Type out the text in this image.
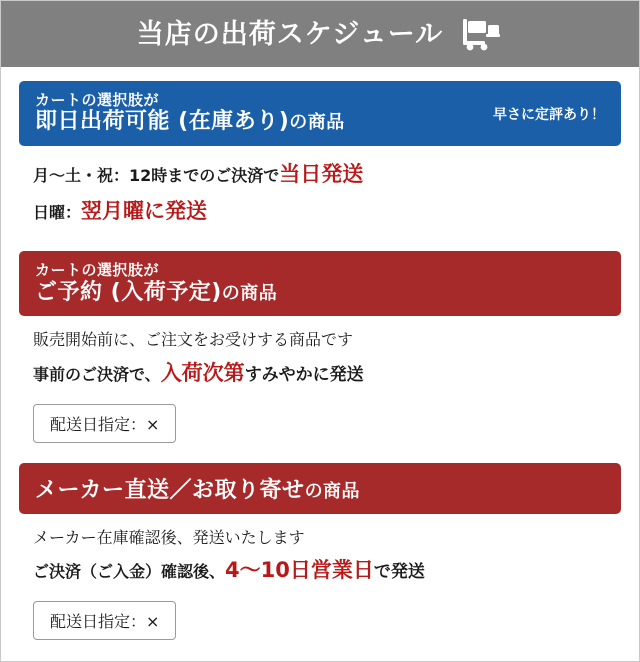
当店の出荷スケジュール
カートの選択肢が
即日出荷可能 (在庫あり)の商品	早さに定評あり！

月～土・祝：12時までのご決済で当日発送

日曜：翌月曜に発送

カートの選択肢が
ご予約 (入荷予定)の商品

販売開始前に、ご注文をお受けする商品です

事前のご決済で、入荷次第すみやかに発送

配送日指定：×
メーカー直送／お取り寄せの商品

メーカー在庫確認後、発送いたします

ご決済（ご入金）確認後、4～10日営業日で発送

配送日指定：×
